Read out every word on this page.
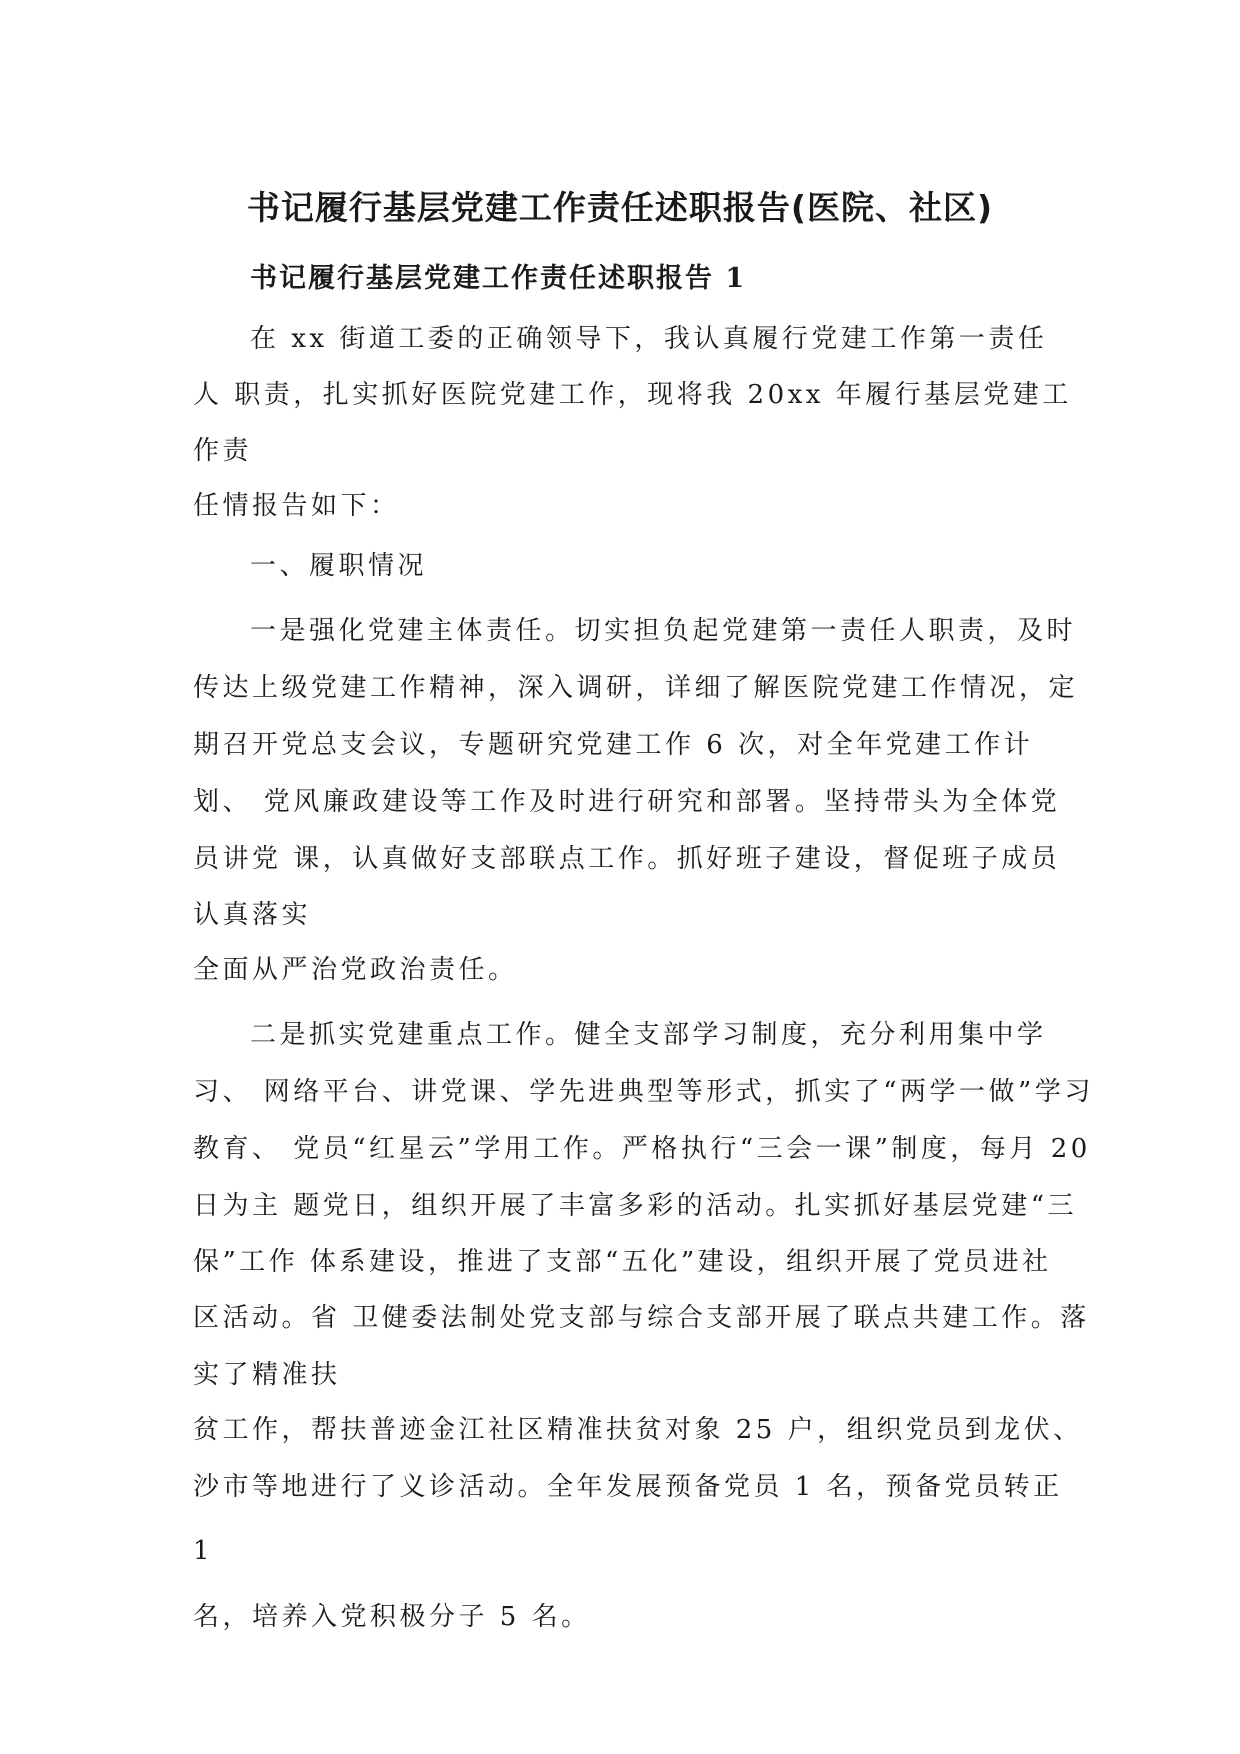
书记履行基层党建工作责任述职报告(医院、社区)
书记履行基层党建工作责任述职报告 1
在 xx 街道工委的正确领导下，我认真履行党建工作第一责任
人 职责，扎实抓好医院党建工作，现将我 20xx 年履行基层党建工
作责
任情报告如下：
一、履职情况
一是强化党建主体责任。切实担负起党建第一责任人职责，及时
传达上级党建工作精神，深入调研，详细了解医院党建工作情况，定
期召开党总支会议，专题研究党建工作 6 次，对全年党建工作计
划、 党风廉政建设等工作及时进行研究和部署。坚持带头为全体党
员讲党 课，认真做好支部联点工作。抓好班子建设，督促班子成员
认真落实
全面从严治党政治责任。
二是抓实党建重点工作。健全支部学习制度，充分利用集中学
习、 网络平台、讲党课、学先进典型等形式，抓实了“两学一做”学习
教育、 党员“红星云”学用工作。严格执行“三会一课”制度，每月 20
日为主 题党日，组织开展了丰富多彩的活动。扎实抓好基层党建“三
保”工作 体系建设，推进了支部“五化”建设，组织开展了党员进社
区活动。省 卫健委法制处党支部与综合支部开展了联点共建工作。落
实了精准扶
贫工作，帮扶普迹金江社区精准扶贫对象 25 户，组织党员到龙伏、
沙市等地进行了义诊活动。全年发展预备党员 1 名，预备党员转正
1
名，培养入党积极分子 5 名。
